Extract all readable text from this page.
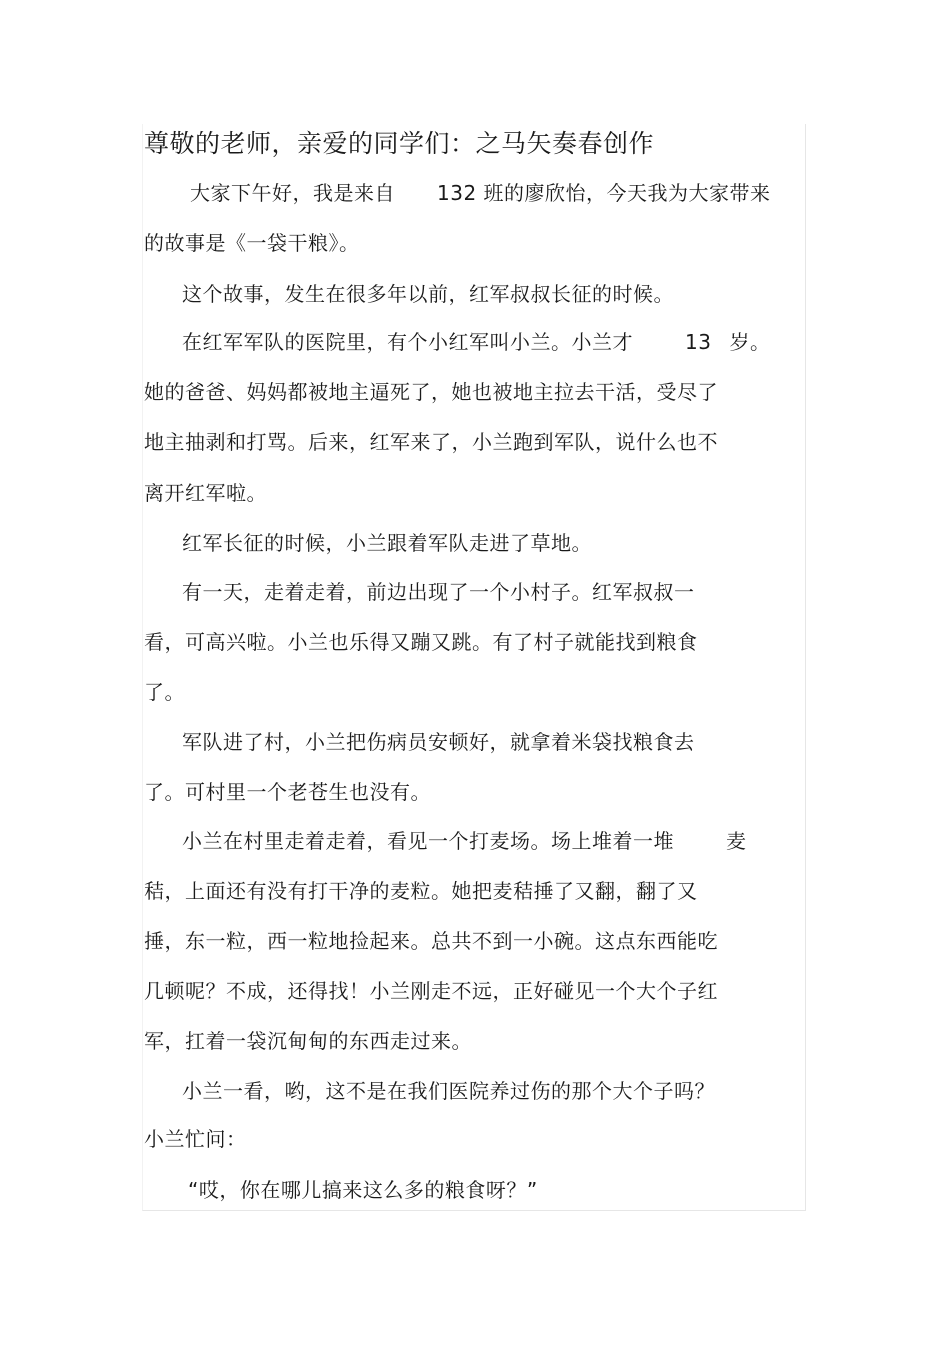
尊敬的老师，亲爱的同学们：之马矢奏春创作
大家下午好，我是来自 132 班的廖欣怡，今天我为大家带来
的故事是《一袋干粮》。
这个故事，发生在很多年以前，红军叔叔长征的时候。
在红军军队的医院里，有个小红军叫小兰。小兰才	13 岁。
她的爸爸、妈妈都被地主逼死了，她也被地主拉去干活，受尽了
地主抽剥和打骂。后来，红军来了，小兰跑到军队，说什么也不
离开红军啦。
红军长征的时候，小兰跟着军队走进了草地。
有一天，走着走着，前边出现了一个小村子。红军叔叔一
看，可高兴啦。小兰也乐得又蹦又跳。有了村子就能找到粮食
了。
军队进了村，小兰把伤病员安顿好，就拿着米袋找粮食去
了。可村里一个老苍生也没有。
小兰在村里走着走着，看见一个打麦场。场上堆着一堆	麦
秸，上面还有没有打干净的麦粒。她把麦秸捶了又翻，翻了又
捶，东一粒，西一粒地捡起来。总共不到一小碗。这点东西能吃
几顿呢？不成，还得找！小兰刚走不远，正好碰见一个大个子红
军，扛着一袋沉甸甸的东西走过来。
小兰一看，哟，这不是在我们医院养过伤的那个大个子吗？
小兰忙问：
“哎，你在哪儿搞来这么多的粮食呀？”
